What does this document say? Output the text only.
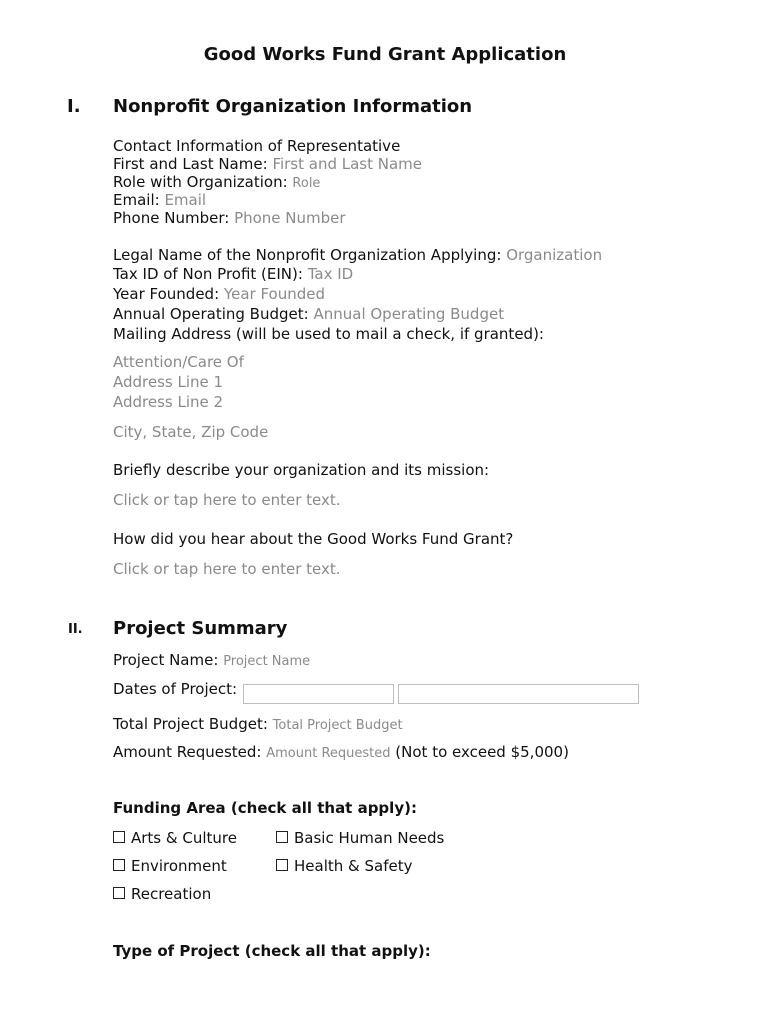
Good Works Fund Grant Application
I. Nonprofit Organization Information
Contact Information of Representative
First and Last Name: First and Last Name
Role with Organization: Role
Email: Email
Phone Number: Phone Number
Legal Name of the Nonprofit Organization Applying: Organization
Tax ID of Non Profit (EIN): Tax ID
Year Founded: Year Founded
Annual Operating Budget: Annual Operating Budget
Mailing Address (will be used to mail a check, if granted):
Attention/Care Of
Address Line 1
Address Line 2
City, State, Zip Code
Briefly describe your organization and its mission:
Click or tap here to enter text.
How did you hear about the Good Works Fund Grant?
Click or tap here to enter text.
II. Project Summary
Project Name: Project Name
Dates of Project:
Total Project Budget: Total Project Budget
Amount Requested: Amount Requested (Not to exceed $5,000)
Funding Area (check all that apply):
Arts & Culture	Basic Human Needs
Environment	Health & Safety
Recreation
Type of Project (check all that apply):
